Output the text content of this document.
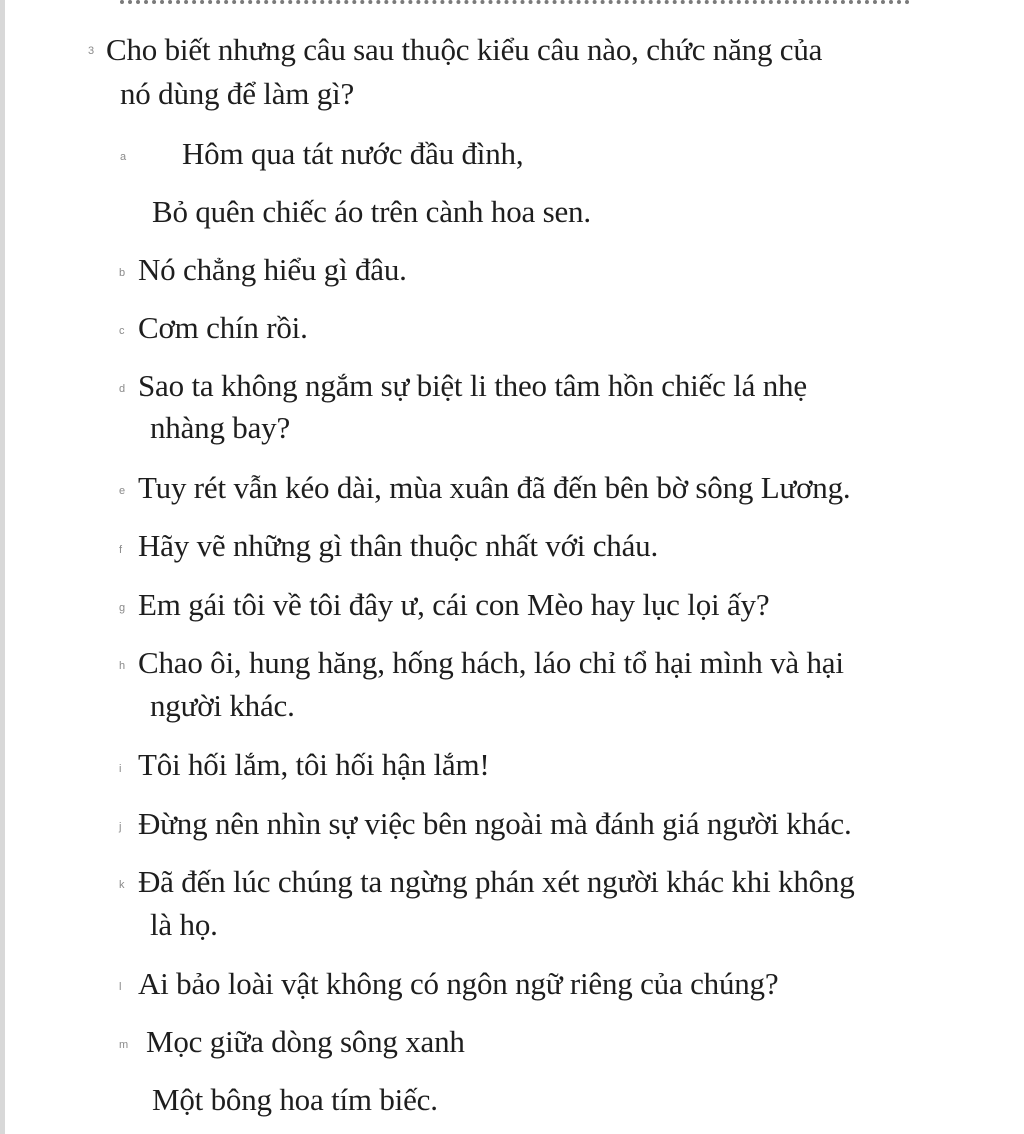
3 Cho biết nhưng câu sau thuộc kiểu câu nào, chức năng của
nó dùng để làm gì?
a Hôm qua tát nước đầu đình,
Bỏ quên chiếc áo trên cành hoa sen.
b Nó chẳng hiểu gì đâu.
c Cơm chín rồi.
d Sao ta không ngắm sự biệt li theo tâm hồn chiếc lá nhẹ
nhàng bay?
e Tuy rét vẫn kéo dài, mùa xuân đã đến bên bờ sông Lương.
f Hãy vẽ những gì thân thuộc nhất với cháu.
g Em gái tôi về tôi đây ư, cái con Mèo hay lục lọi ấy?
h Chao ôi, hung hăng, hống hách, láo chỉ tổ hại mình và hại
người khác.
i Tôi hối lắm, tôi hối hận lắm!
j Đừng nên nhìn sự việc bên ngoài mà đánh giá người khác.
k Đã đến lúc chúng ta ngừng phán xét người khác khi không
là họ.
l Ai bảo loài vật không có ngôn ngữ riêng của chúng?
m Mọc giữa dòng sông xanh
Một bông hoa tím biếc.
